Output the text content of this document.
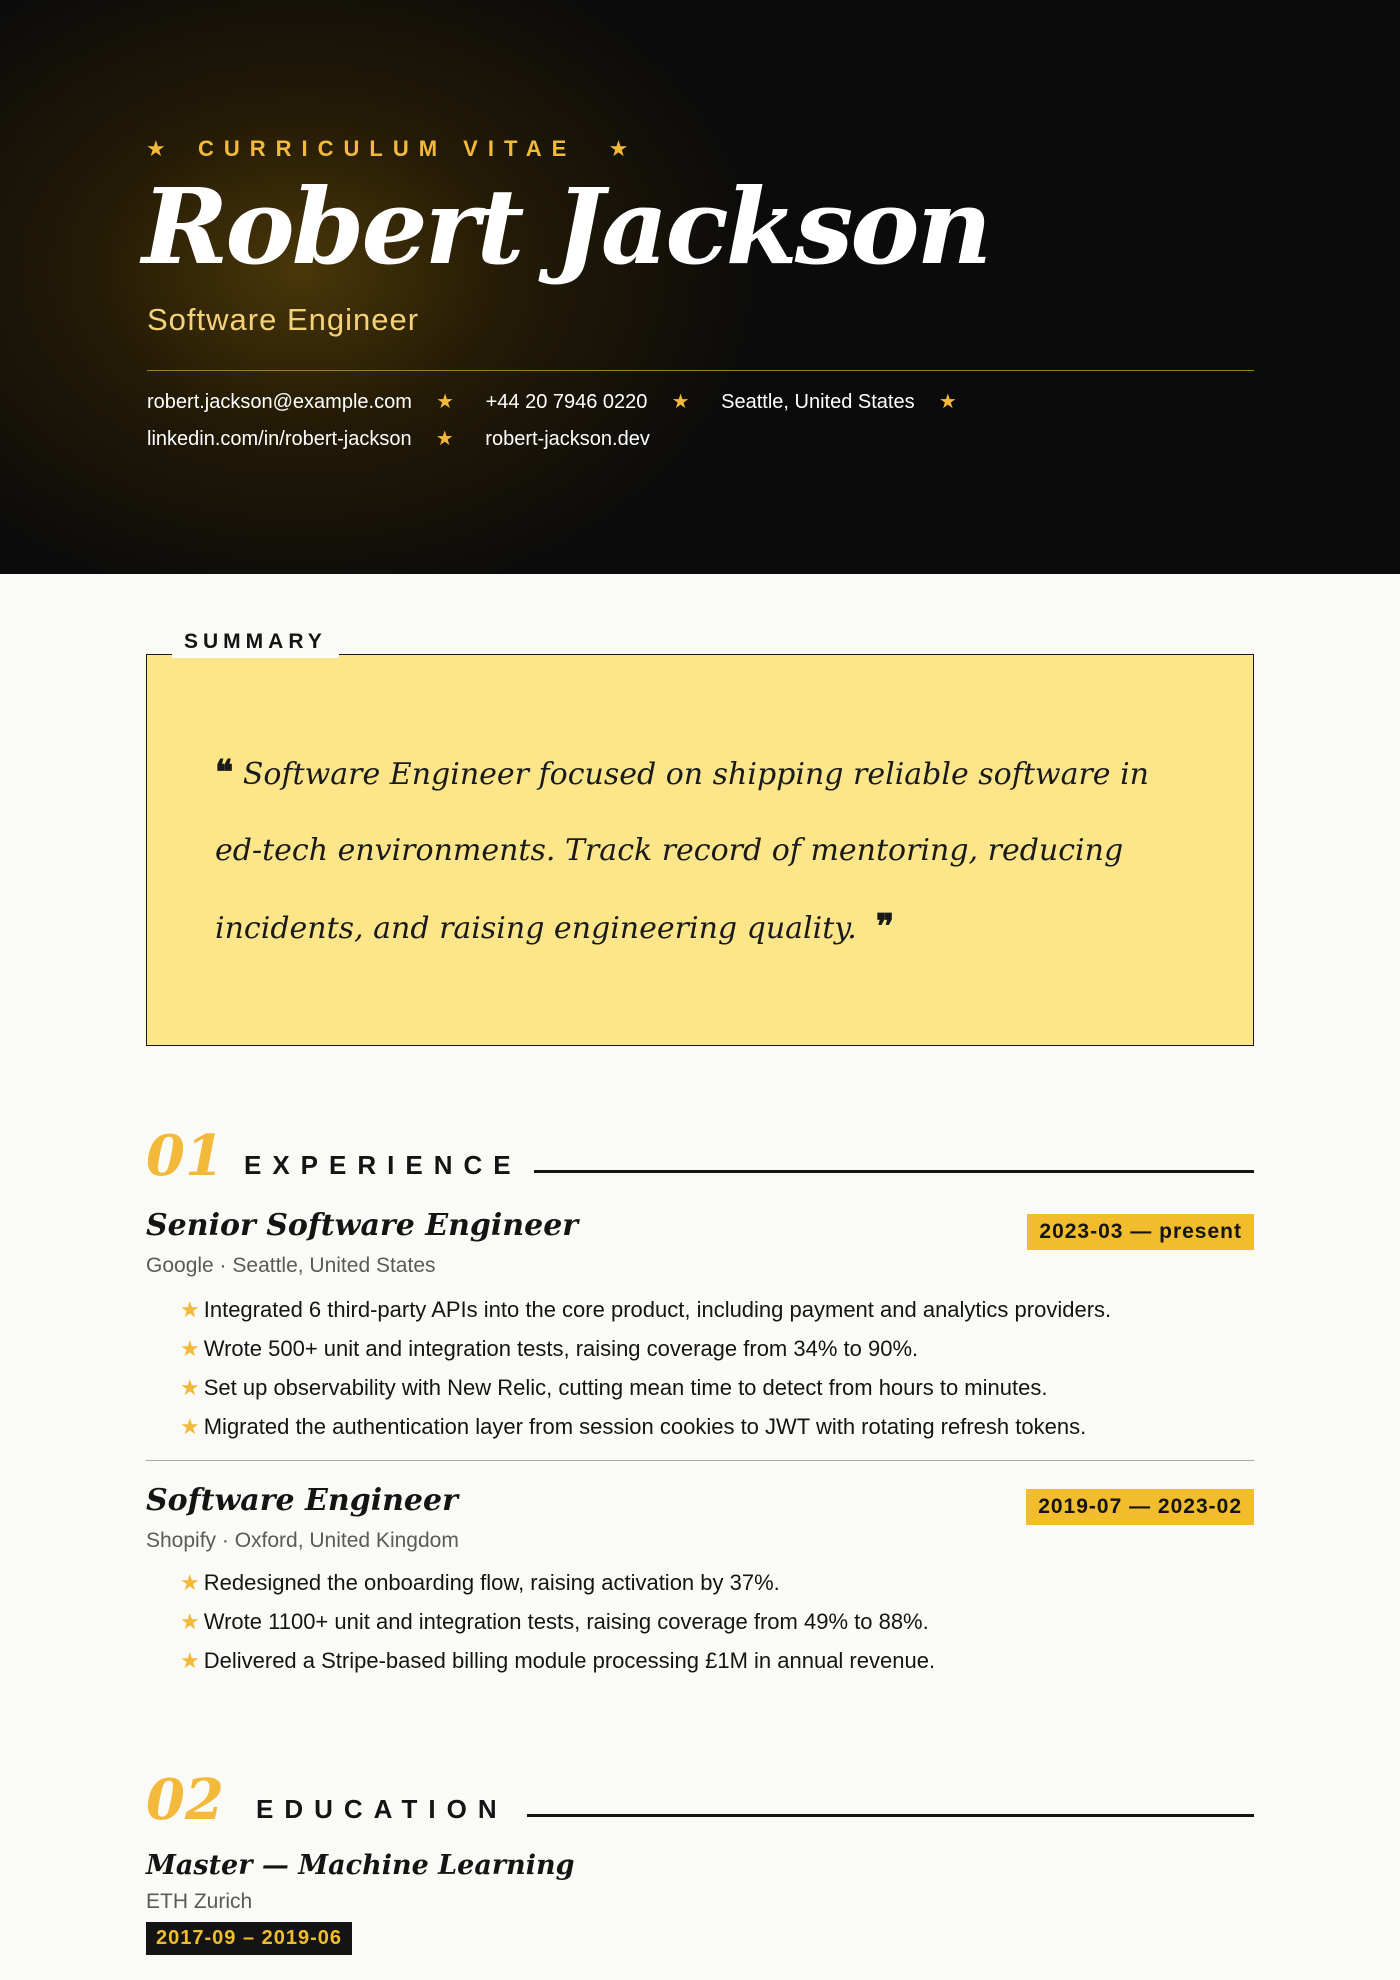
★ CURRICULUM VITAE ★
Robert Jackson
Software Engineer
robert.jackson@example.com ★ +44 20 7946 0220 ★ Seattle, United States ★
linkedin.com/in/robert-jackson ★ robert-jackson.dev
SUMMARY
❝ Software Engineer focused on shipping reliable software in ed-tech environments. Track record of mentoring, reducing incidents, and raising engineering quality. ❞
01 EXPERIENCE
Senior Software Engineer	2023-03 — present
Google · Seattle, United States
★ Integrated 6 third-party APIs into the core product, including payment and analytics providers.
★ Wrote 500+ unit and integration tests, raising coverage from 34% to 90%.
★ Set up observability with New Relic, cutting mean time to detect from hours to minutes.
★ Migrated the authentication layer from session cookies to JWT with rotating refresh tokens.
Software Engineer	2019-07 — 2023-02
Shopify · Oxford, United Kingdom
★ Redesigned the onboarding flow, raising activation by 37%.
★ Wrote 1100+ unit and integration tests, raising coverage from 49% to 88%.
★ Delivered a Stripe-based billing module processing £1M in annual revenue.
02 EDUCATION
Master — Machine Learning
ETH Zurich
2017-09 – 2019-06
